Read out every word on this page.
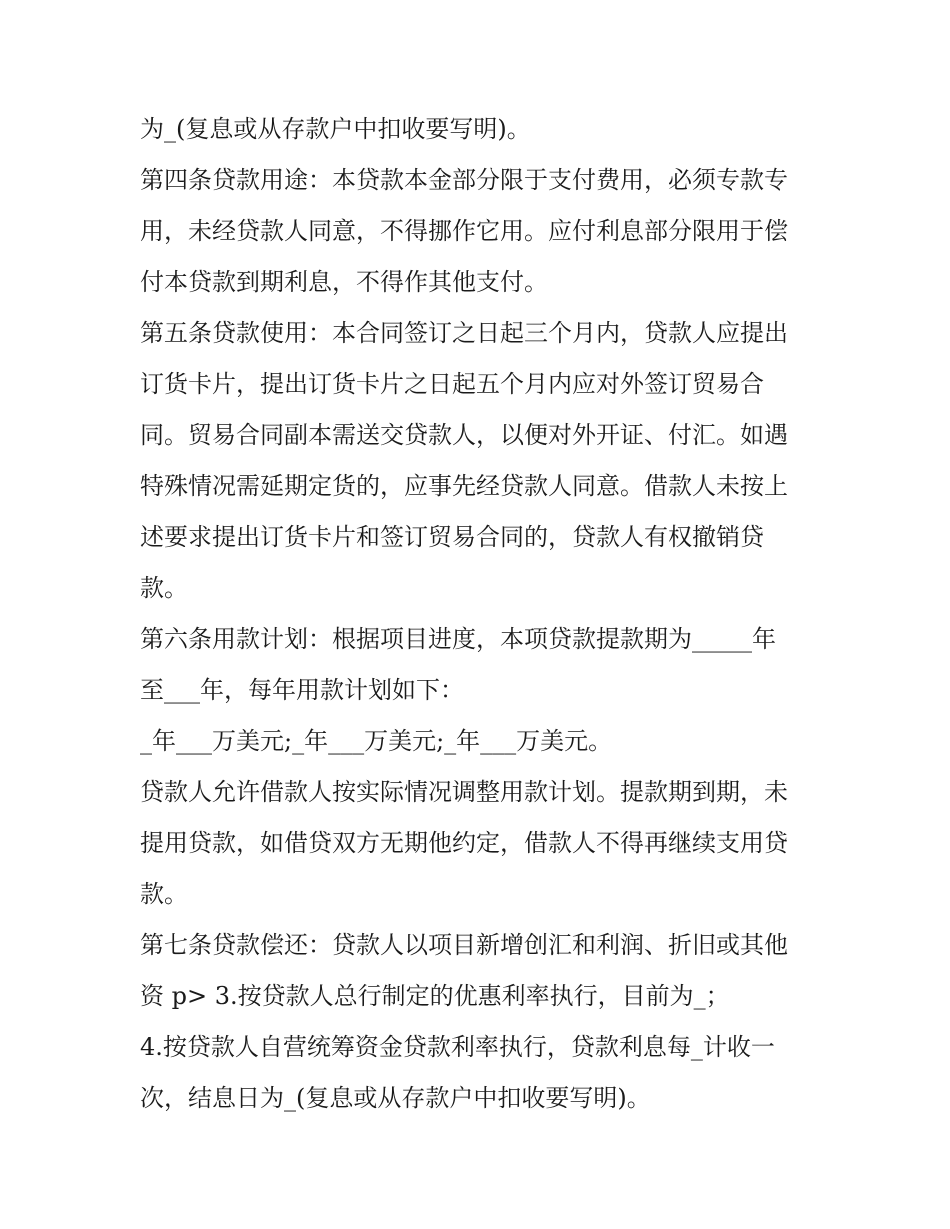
为_(复息或从存款户中扣收要写明)。
第四条贷款用途：本贷款本金部分限于支付费用，必须专款专
用，未经贷款人同意，不得挪作它用。应付利息部分限用于偿
付本贷款到期利息，不得作其他支付。
第五条贷款使用：本合同签订之日起三个月内，贷款人应提出
订货卡片，提出订货卡片之日起五个月内应对外签订贸易合
同。贸易合同副本需送交贷款人，以便对外开证、付汇。如遇
特殊情况需延期定货的，应事先经贷款人同意。借款人未按上
述要求提出订货卡片和签订贸易合同的，贷款人有权撤销贷
款。
第六条用款计划：根据项目进度，本项贷款提款期为_____年
至___年，每年用款计划如下：
_年___万美元;_年___万美元;_年___万美元。
贷款人允许借款人按实际情况调整用款计划。提款期到期，未
提用贷款，如借贷双方无期他约定，借款人不得再继续支用贷
款。
第七条贷款偿还：贷款人以项目新增创汇和利润、折旧或其他
资 p> 3.按贷款人总行制定的优惠利率执行，目前为_；
4.按贷款人自营统筹资金贷款利率执行，贷款利息每_计收一
次，结息日为_(复息或从存款户中扣收要写明)。
